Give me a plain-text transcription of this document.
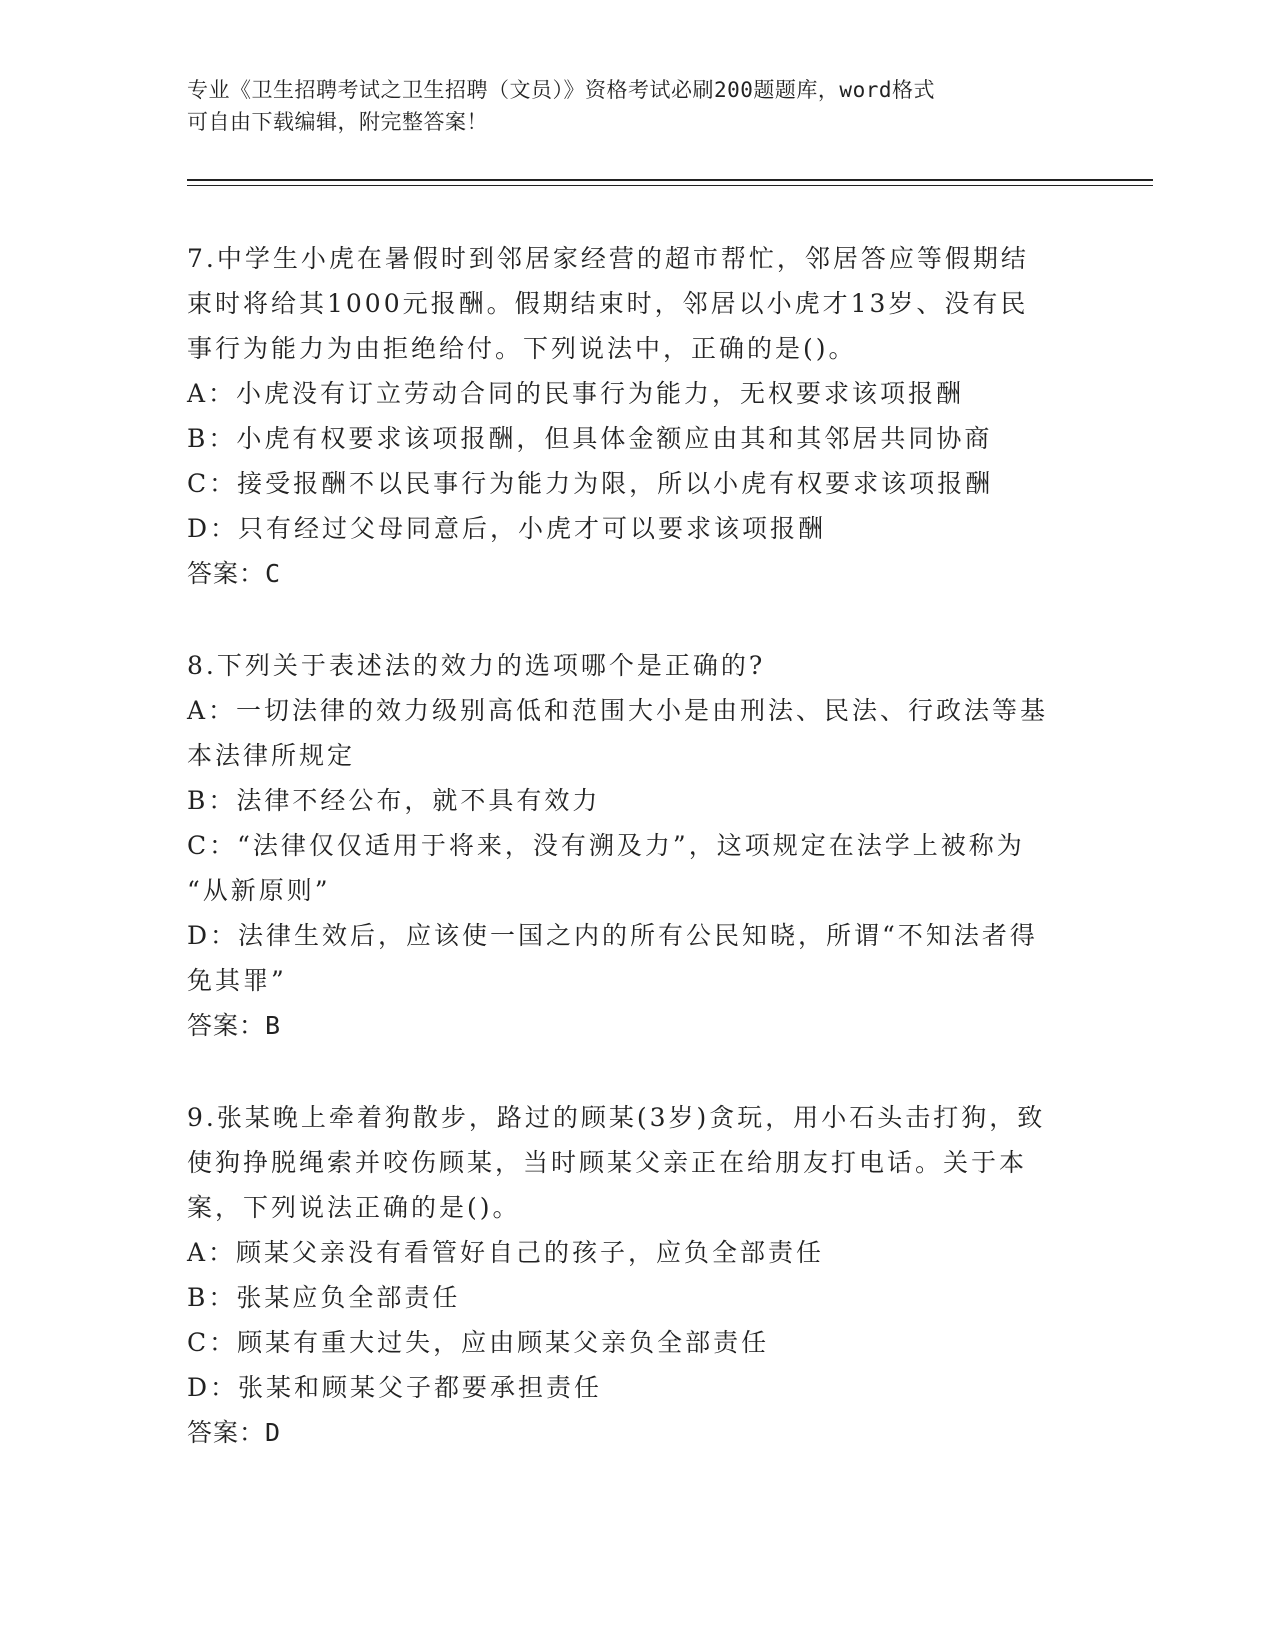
专业《卫生招聘考试之卫生招聘（文员）》资格考试必刷200题题库，word格式
可自由下载编辑，附完整答案！
7.中学生小虎在暑假时到邻居家经营的超市帮忙，邻居答应等假期结
束时将给其1000元报酬。假期结束时，邻居以小虎才13岁、没有民
事行为能力为由拒绝给付。下列说法中，正确的是()。
A：小虎没有订立劳动合同的民事行为能力，无权要求该项报酬
B：小虎有权要求该项报酬，但具体金额应由其和其邻居共同协商
C：接受报酬不以民事行为能力为限，所以小虎有权要求该项报酬
D：只有经过父母同意后，小虎才可以要求该项报酬
答案：C
8.下列关于表述法的效力的选项哪个是正确的?
A：一切法律的效力级别高低和范围大小是由刑法、民法、行政法等基
本法律所规定
B：法律不经公布，就不具有效力
C：“法律仅仅适用于将来，没有溯及力”，这项规定在法学上被称为
“从新原则”
D：法律生效后，应该使一国之内的所有公民知晓，所谓“不知法者得
免其罪”
答案：B
9.张某晚上牵着狗散步，路过的顾某(3岁)贪玩，用小石头击打狗，致
使狗挣脱绳索并咬伤顾某，当时顾某父亲正在给朋友打电话。关于本
案，下列说法正确的是()。
A：顾某父亲没有看管好自己的孩子，应负全部责任
B：张某应负全部责任
C：顾某有重大过失，应由顾某父亲负全部责任
D：张某和顾某父子都要承担责任
答案：D
